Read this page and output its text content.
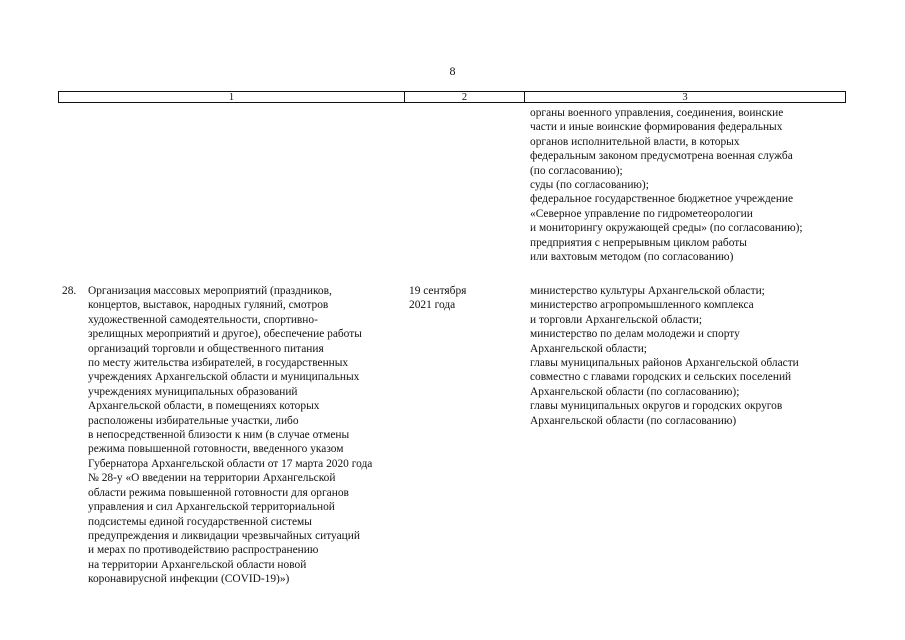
8
1	2	3
органы военного управления, соединения, воинские
части и иные воинские формирования федеральных
органов исполнительной власти, в которых
федеральным законом предусмотрена военная служба
(по согласованию);
суды (по согласованию);
федеральное государственное бюджетное учреждение
«Северное управление по гидрометеорологии
и мониторингу окружающей среды» (по согласованию);
предприятия с непрерывным циклом работы
или вахтовым методом (по согласованию)
28. Организация массовых мероприятий (праздников,
концертов, выставок, народных гуляний, смотров
художественной самодеятельности, спортивно-
зрелищных мероприятий и другое), обеспечение работы
организаций торговли и общественного питания
по месту жительства избирателей, в государственных
учреждениях Архангельской области и муниципальных
учреждениях муниципальных образований
Архангельской области, в помещениях которых
расположены избирательные участки, либо
в непосредственной близости к ним (в случае отмены
режима повышенной готовности, введенного указом
Губернатора Архангельской области от 17 марта 2020 года
№ 28-у «О введении на территории Архангельской
области режима повышенной готовности для органов
управления и сил Архангельской территориальной
подсистемы единой государственной системы
предупреждения и ликвидации чрезвычайных ситуаций
и мерах по противодействию распространению
на территории Архангельской области новой
коронавирусной инфекции (COVID-19)»)
19 сентября
2021 года
министерство культуры Архангельской области;
министерство агропромышленного комплекса
и торговли Архангельской области;
министерство по делам молодежи и спорту
Архангельской области;
главы муниципальных районов Архангельской области
совместно с главами городских и сельских поселений
Архангельской области (по согласованию);
главы муниципальных округов и городских округов
Архангельской области (по согласованию)
